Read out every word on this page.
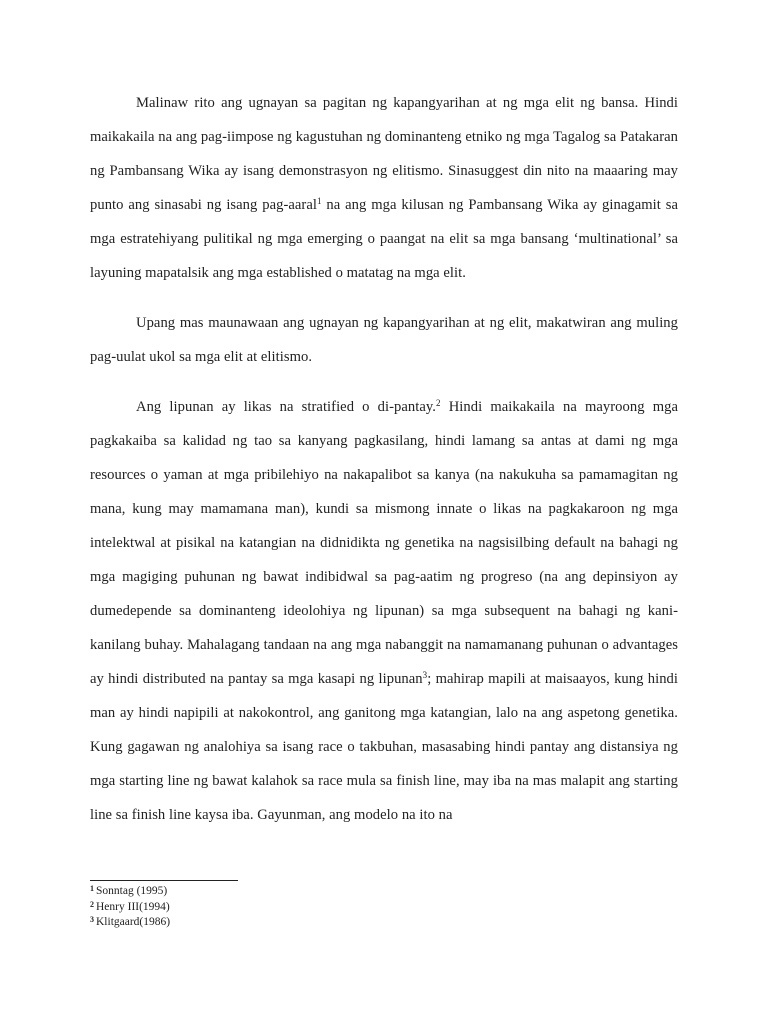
Malinaw rito ang ugnayan sa pagitan ng kapangyarihan at ng mga elit ng bansa. Hindi maikakaila na ang pag-iimpose ng kagustuhan ng dominanteng etniko ng mga Tagalog sa Patakaran ng Pambansang Wika ay isang demonstrasyon ng elitismo. Sinasuggest din nito na maaaring may punto ang sinasabi ng isang pag-aaral$^1$ na ang mga kilusan ng Pambansang Wika ay ginagamit sa mga estratehiyang pulitikal ng mga emerging o paangat na elit sa mga bansang ‘multinational’ sa layuning mapatalsik ang mga established o matatag na mga elit.

Upang mas maunawaan ang ugnayan ng kapangyarihan at ng elit, makatwiran ang muling pag-uulat ukol sa mga elit at elitismo.

Ang lipunan ay likas na stratified o di-pantay.$^2$ Hindi maikakaila na mayroong mga pagkakaiba sa kalidad ng tao sa kanyang pagkasilang, hindi lamang sa antas at dami ng mga resources o yaman at mga pribilehiyo na nakapalibot sa kanya (na nakukuha sa pamamagitan ng mana, kung may mamamana man), kundi sa mismong innate o likas na pagkakaroon ng mga intelektwal at pisikal na katangian na didnidikta ng genetika na nagsisilbing default na bahagi ng mga magiging puhunan ng bawat indibidwal sa pag-aatim ng progreso (na ang depinsiyon ay dumedepende sa dominanteng ideolohiya ng lipunan) sa mga subsequent na bahagi ng kani-kanilang buhay. Mahalagang tandaan na ang mga nabanggit na namamanang puhunan o advantages ay hindi distributed na pantay sa mga kasapi ng lipunan$^3$; mahirap mapili at maisaayos, kung hindi man ay hindi napipili at nakokontrol, ang ganitong mga katangian, lalo na ang aspetong genetika. Kung gagawan ng analohiya sa isang race o takbuhan, masasabing hindi pantay ang distansiya ng mga starting line ng bawat kalahok sa race mula sa finish line, may iba na mas malapit ang starting line sa finish line kaysa iba. Gayunman, ang modelo na ito na

$^1$ Sonntag (1995)
$^2$ Henry III(1994)
$^3$ Klitgaard(1986)
